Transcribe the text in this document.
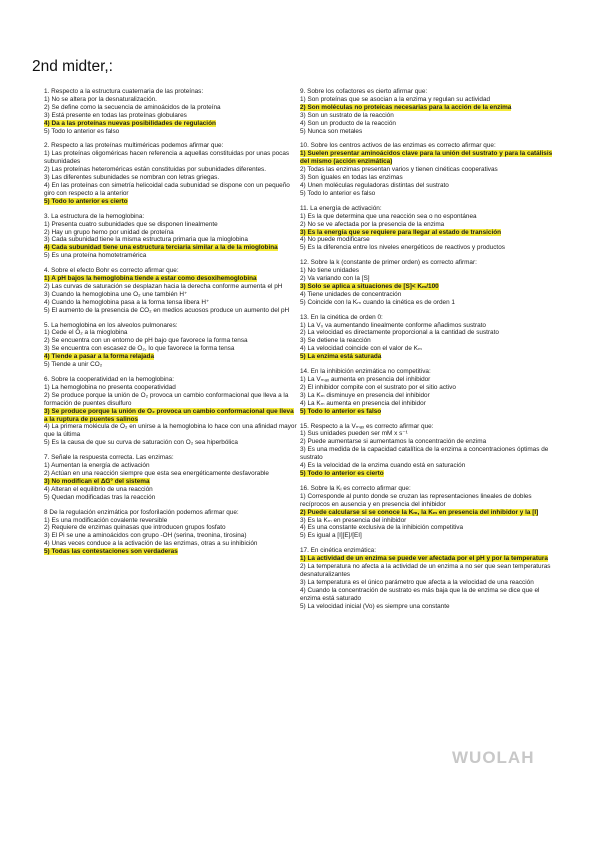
2nd midter,:
1. Respecto a la estructura cuaternaria de las proteínas:
1) No se altera por la desnaturalización.
2) Se define como la secuencia de aminoácidos de la proteína
3) Está presente en todas las proteínas globulares
4) Da a las proteínas nuevas posibilidades de regulación
5) Todo lo anterior es falso
2. Respecto a las proteínas multiméricas podemos afirmar que:
1) Las proteínas oligoméricas hacen referencia a aquellas constituidas por unas pocas subunidades
2) Las proteínas heteroméricas están constituidas por subunidades diferentes.
3) Las diferentes subunidades se nombran con letras griegas.
4) En las proteínas con simetría helicoidal cada subunidad se dispone con un pequeño giro con respecto a la anterior
5) Todo lo anterior es cierto
3. La estructura de la hemoglobina:
1) Presenta cuatro subunidades que se disponen linealmente
2) Hay un grupo hemo por unidad de proteína
3) Cada subunidad tiene la misma estructura primaria que la mioglobina
4) Cada subunidad tiene una estructura terciaria similar a la de la mioglobina
5) Es una proteína homotetramérica
4. Sobre el efecto Bohr es correcto afirmar que:
1) A pH bajos la hemoglobina tiende a estar como desoxihemoglobina
2) Las curvas de saturación se desplazan hacia la derecha conforme aumenta el pH
3) Cuando la hemoglobina une O₂ une también H⁺
4) Cuando la hemoglobina pasa a la forma tensa libera H⁺
5) El aumento de la presencia de CO₂ en medios acuosos produce un aumento del pH
5. La hemoglobina en los alveolos pulmonares:
1) Cede el O₂ a la mioglobina
2) Se encuentra con un entorno de pH bajo que favorece la forma tensa
3) Se encuentra con escasez de O₂, lo que favorece la forma tensa
4) Tiende a pasar a la forma relajada
5) Tiende a unir CO₂
6. Sobre la cooperatividad en la hemoglobina:
1) La hemoglobina no presenta cooperatividad
2) Se produce porque la unión de O₂ provoca un cambio conformacional que lleva a la formación de puentes disulfuro
3) Se produce porque la unión de O₂ provoca un cambio conformacional que lleva a la ruptura de puentes salinos
4) La primera molécula de O₂ en unirse a la hemoglobina lo hace con una afinidad mayor que la última
5) Es la causa de que su curva de saturación con O₂ sea hiperbólica
7. Señale la respuesta correcta. Las enzimas:
1) Aumentan la energía de activación
2) Actúan en una reacción siempre que esta sea energéticamente desfavorable
3) No modifican el ΔG° del sistema
4) Alteran el equilibrio de una reacción
5) Quedan modificadas tras la reacción
8 De la regulación enzimática por fosforilación podemos afirmar que:
1) Es una modificación covalente reversible
2) Requiere de enzimas quinasas que introducen grupos fosfato
3) El Pi se une a aminoácidos con grupo -OH (serina, treonina, tirosina)
4) Unas veces conduce a la activación de las enzimas, otras a su inhibición
5) Todas las contestaciones son verdaderas
9. Sobre los cofactores es cierto afirmar que:
1) Son proteínas que se asocian a la enzima y regulan su actividad
2) Son moléculas no proteicas necesarias para la acción de la enzima
3) Son un sustrato de la reacción
4) Son un producto de la reacción
5) Nunca son metales
10. Sobre los centros activos de las enzimas es correcto afirmar que:
1) Suelen presentar aminoácidos clave para la unión del sustrato y para la catálisis del mismo (acción enzimática)
2) Todas las enzimas presentan varios y tienen cinéticas cooperativas
3) Son iguales en todas las enzimas
4) Unen moléculas reguladoras distintas del sustrato
5) Todo lo anterior es falso
11. La energía de activación:
1) Es la que determina que una reacción sea o no espontánea
2) No se ve afectada por la presencia de la enzima
3) Es la energía que se requiere para llegar al estado de transición
4) No puede modificarse
5) Es la diferencia entre los niveles energéticos de reactivos y productos
12. Sobre la k (constante de primer orden) es correcto afirmar:
1) No tiene unidades
2) Va variando con la [S]
3) Solo se aplica a situaciones de [S]< Kₘ/100
4) Tiene unidades de concentración
5) Coincide con la Kₘ cuando la cinética es de orden 1
13. En la cinética de orden 0:
1) La V₀ va aumentando linealmente conforme añadimos sustrato
2) La velocidad es directamente proporcional a la cantidad de sustrato
3) Se detiene la reacción
4) La velocidad coincide con el valor de Kₘ
5) La enzima está saturada
14. En la inhibición enzimática no competitiva:
1) La Vₘₐₓ aumenta en presencia del inhibidor
2) El inhibidor compite con el sustrato por el sitio activo
3) La Kₘ disminuye en presencia del inhibidor
4) La Kₘ aumenta en presencia del inhibidor
5) Todo lo anterior es falso
15. Respecto a la Vₘₐₓ es correcto afirmar que:
1) Sus unidades pueden ser mM x s⁻¹
2) Puede aumentarse si aumentamos la concentración de enzima
3) Es una medida de la capacidad catalítica de la enzima a concentraciones óptimas de sustrato
4) Es la velocidad de la enzima cuando está en saturación
5) Todo lo anterior es cierto
16. Sobre la Kᵢ es correcto afirmar que:
1) Corresponde al punto donde se cruzan las representaciones lineales de dobles recíprocos en ausencia y en presencia del inhibidor
2) Puede calcularse si se conoce la Kₘ, la Kₘ en presencia del inhibidor y la [I]
3) Es la Kₘ en presencia del inhibidor
4) Es una constante exclusiva de la inhibición competitiva
5) Es igual a [I][E]/[EI]
17. En cinética enzimática:
1) La actividad de un enzima se puede ver afectada por el pH y por la temperatura
2) La temperatura no afecta a la actividad de un enzima a no ser que sean temperaturas desnaturalizantes
3) La temperatura es el único parámetro que afecta a la velocidad de una reacción
4) Cuando la concentración de sustrato es más baja que la de enzima se dice que el enzima está saturado
5) La velocidad inicial (Vo) es siempre una constante
WUOLAH
